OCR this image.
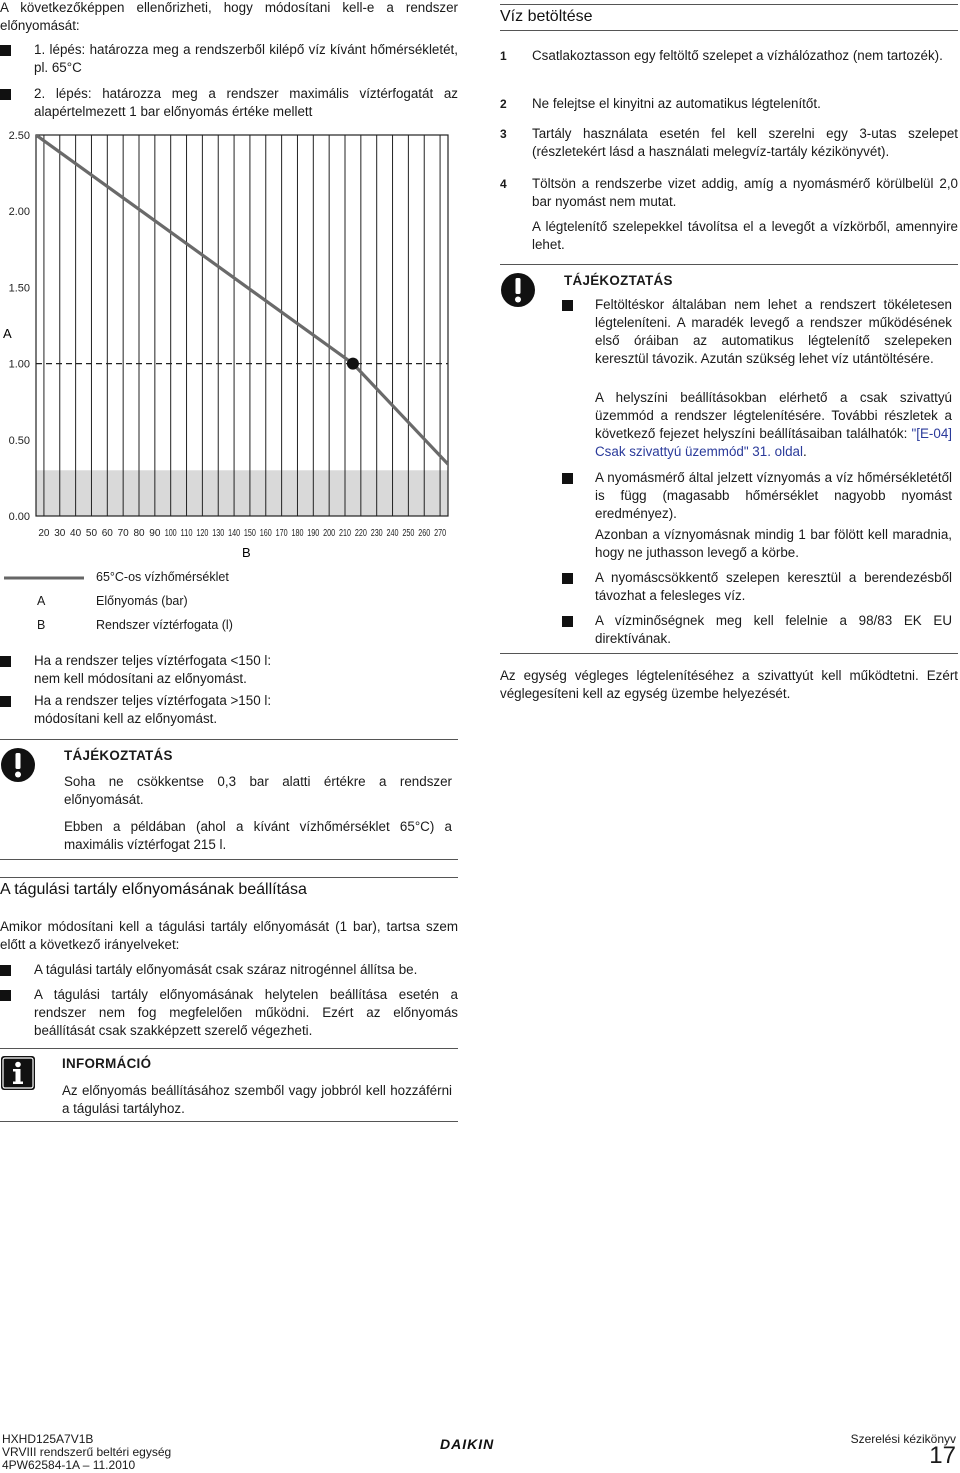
A következőképpen ellenőrizheti, hogy módosítani kell-e a rendszer előnyomását:

1. lépés: határozza meg a rendszerből kilépő víz kívánt hőmérsékletét, pl. 65°C
2. lépés: határozza meg a rendszer maximális víztérfogatát az alapértelmezett 1 bar előnyomás értéke mellett
0.00
0.50
1.00
1.50
2.00
2.50
20 30 40 50 60 70 80 90 100 110 120 130 140 150 160 170 180 190 200 210 220 230 240 250 260 270
A
B
65°C-os vízhőmérséklet
A	Előnyomás (bar)
B	Rendszer víztérfogata (l)
Ha a rendszer teljes víztérfogata <150 l: nem kell módosítani az előnyomást.
Ha a rendszer teljes víztérfogata >150 l: módosítani kell az előnyomást.
TÁJÉKOZTATÁS

Soha ne csökkentse 0,3 bar alatti értékre a rendszer előnyomását.

Ebben a példában (ahol a kívánt vízhőmérséklet 65°C) a maximális víztérfogat 215 l.

A tágulási tartály előnyomásának beállítása

Amikor módosítani kell a tágulási tartály előnyomását (1 bar), tartsa szem előtt a következő irányelveket:

A tágulási tartály előnyomását csak száraz nitrogénnel állítsa be.
A tágulási tartály előnyomásának helytelen beállítása esetén a rendszer nem fog megfelelően működni. Ezért az előnyomás beállítását csak szakképzett szerelő végezheti.
INFORMÁCIÓ

Az előnyomás beállításához szemből vagy jobbról kell hozzáférni a tágulási tartályhoz.

Víz betöltése
1 Csatlakoztasson egy feltöltő szelepet a vízhálózathoz (nem tartozék).
2 Ne felejtse el kinyitni az automatikus légtelenítőt.
3 Tartály használata esetén fel kell szerelni egy 3-utas szelepet (részletekért lásd a használati melegvíz-tartály kézikönyvét).
4 Töltsön a rendszerbe vizet addig, amíg a nyomásmérő körülbelül 2,0 bar nyomást nem mutat.

A légtelenítő szelepekkel távolítsa el a levegőt a vízkörből, amennyire lehet.

TÁJÉKOZTATÁS
Feltöltéskor általában nem lehet a rendszert tökéletesen légteleníteni. A maradék levegő a rendszer működésének első óráiban az automatikus légtelenítő szelepeken keresztül távozik. Azután szükség lehet víz utántöltésére.

A helyszíni beállításokban elérhető a csak szivattyú üzemmód a rendszer légtelenítésére. További részletek a következő fejezet helyszíni beállításaiban találhatók: "[E-04] Csak szivattyú üzemmód" 31. oldal.

A nyomásmérő által jelzett víznyomás a víz hőmérsékletétől is függ (magasabb hőmérséklet nagyobb nyomást eredményez).

Azonban a víznyomásnak mindig 1 bar fölött kell maradnia, hogy ne juthasson levegő a körbe.

A nyomáscsökkentő szelepen keresztül a berendezésből távozhat a felesleges víz.
A vízminőségnek meg kell felelnie a 98/83 EK EU direktívának.

Az egység végleges légtelenítéséhez a szivattyút kell működtetni. Ezért véglegesíteni kell az egység üzembe helyezését.

HXHD125A7V1B
VRVIII rendszerű beltéri egység
4PW62584-1A – 11.2010
DAIKIN	Szerelési kézikönyv
17
